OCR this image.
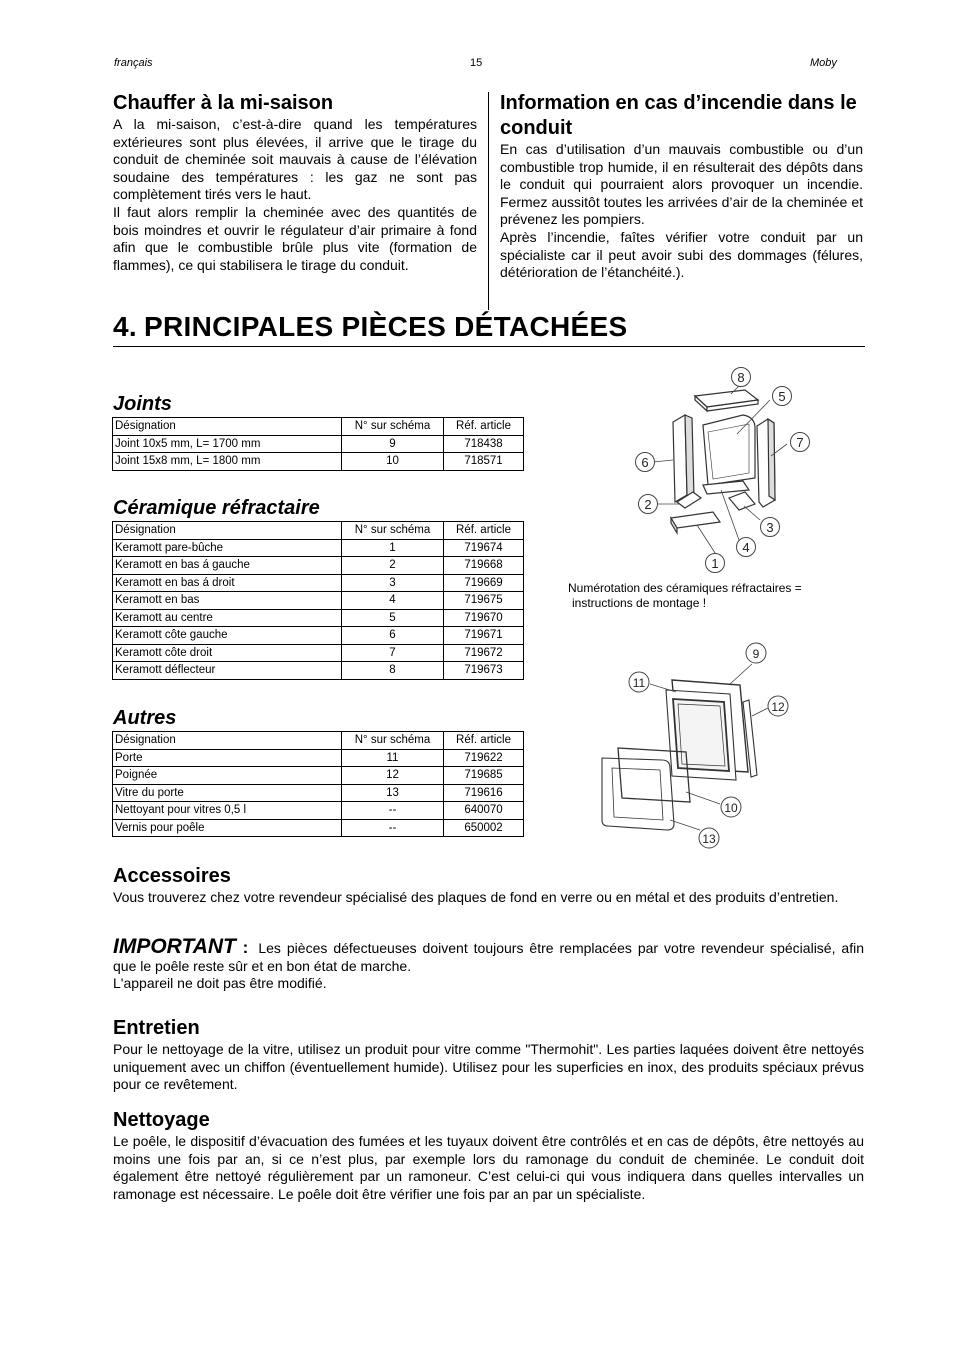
français	15	Moby
Chauffer à la mi-saison

A la mi-saison, c’est-à-dire quand les températures extérieures sont plus élevées, il arrive que le tirage du conduit de cheminée soit mauvais à cause de l’élévation soudaine des températures : les gaz ne sont pas complètement tirés vers le haut.

Il faut alors remplir la cheminée avec des quantités de bois moindres et ouvrir le régulateur d’air primaire à fond afin que le combustible brûle plus vite (formation de flammes), ce qui stabilisera le tirage du conduit.

Information en cas d’incendie dans le conduit

En cas d’utilisation d’un mauvais combustible ou d’un combustible trop humide, il en résulterait des dépôts dans le conduit qui pourraient alors provoquer un incendie. Fermez aussitôt toutes les arrivées d’air de la cheminée et prévenez les pompiers.

Après l’incendie, faîtes vérifier votre conduit par un spécialiste car il peut avoir subi des dommages (félures, détérioration de l’étanchéité.).

4. PRINCIPALES PIÈCES DÉTACHÉES
Joints
Désignation	N° sur schéma	Réf. article
Joint 10x5 mm, L= 1700 mm	9	718438
Joint 15x8 mm, L= 1800 mm	10	718571
Céramique réfractaire
Désignation	N° sur schéma	Réf. article
Keramott pare-bûche	1	719674
Keramott en bas á gauche	2	719668
Keramott en bas á droit	3	719669
Keramott en bas	4	719675
Keramott au centre	5	719670
Keramott côte gauche	6	719671
Keramott côte droit	7	719672
Keramott déflecteur	8	719673
Autres
Désignation	N° sur schéma	Réf. article
Porte	11	719622
Poignée	12	719685
Vitre du porte	13	719616
Nettoyant pour vitres 0,5 l	--	640070
Vernis pour poêle	--	650002
8
5
7
6
2
3
4
1
Numérotation des céramiques réfractaires =
instructions de montage !
9
11
12
10
13
Accessoires

Vous trouverez chez votre revendeur spécialisé des plaques de fond en verre ou en métal et des produits d’entretien.

IMPORTANT : Les pièces défectueuses doivent toujours être remplacées par votre revendeur spécialisé, afin que le poêle reste sûr et en bon état de marche.

L'appareil ne doit pas être modifié.

Entretien

Pour le nettoyage de la vitre, utilisez un produit pour vitre comme "Thermohit". Les parties laquées doivent être nettoyés uniquement avec un chiffon (éventuellement humide). Utilisez pour les superficies en inox, des produits spéciaux prévus pour ce revêtement.

Nettoyage

Le poêle, le dispositif d’évacuation des fumées et les tuyaux doivent être contrôlés et en cas de dépôts, être nettoyés au moins une fois par an, si ce n’est plus, par exemple lors du ramonage du conduit de cheminée. Le conduit doit également être nettoyé régulièrement par un ramoneur. C’est celui-ci qui vous indiquera dans quelles intervalles un ramonage est nécessaire. Le poêle doit être vérifier une fois par an par un spécialiste.
